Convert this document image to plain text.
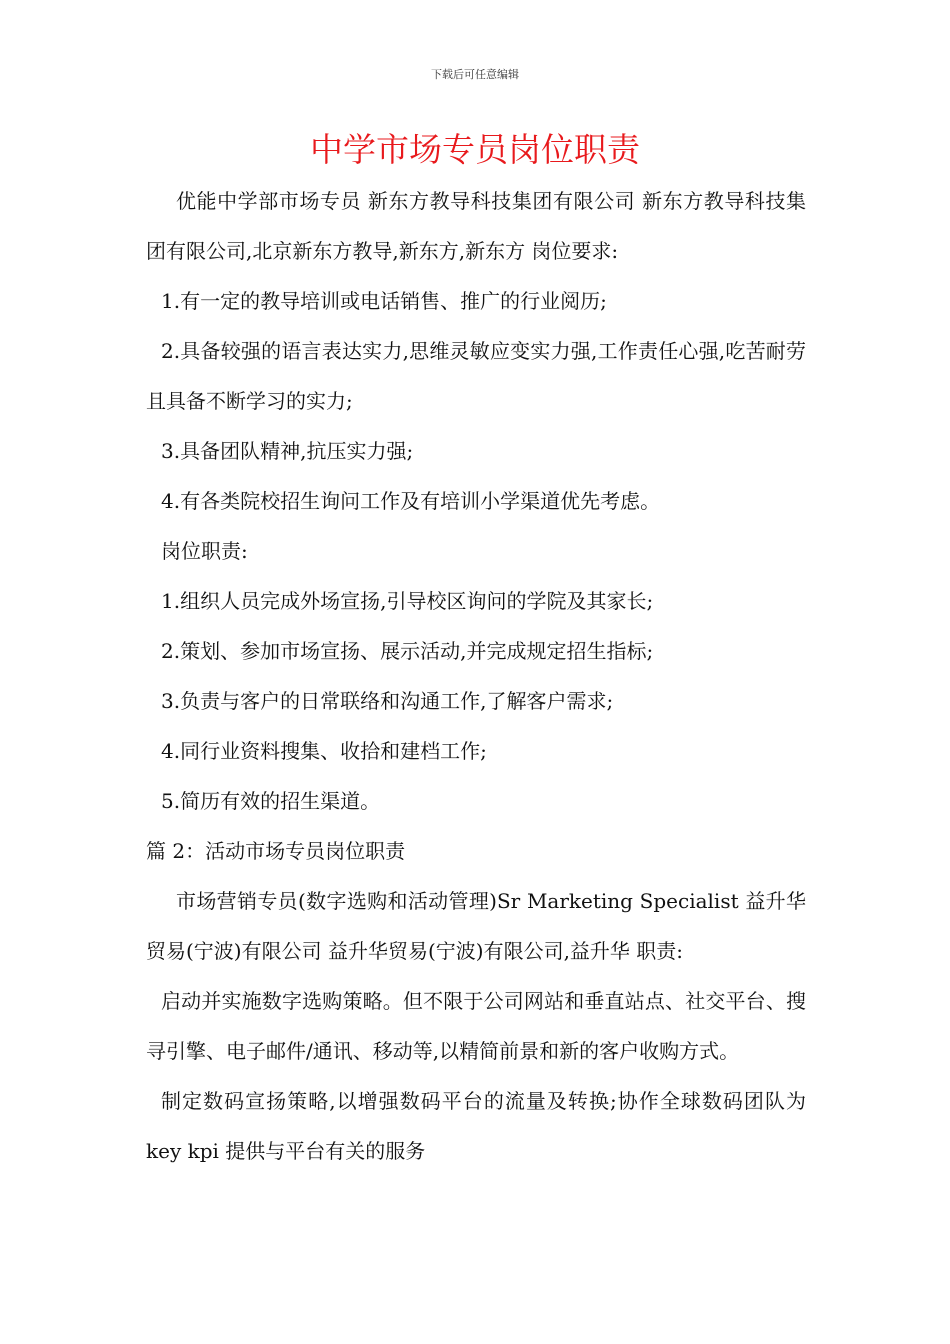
下载后可任意编辑
中学市场专员岗位职责

优能中学部市场专员 新东方教导科技集团有限公司 新东方教导科技集团有限公司,北京新东方教导,新东方,新东方 岗位要求:

1.有一定的教导培训或电话销售、推广的行业阅历;

2.具备较强的语言表达实力,思维灵敏应变实力强,工作责任心强,吃苦耐劳且具备不断学习的实力;

3.具备团队精神,抗压实力强;

4.有各类院校招生询问工作及有培训小学渠道优先考虑。

岗位职责:

1.组织人员完成外场宣扬,引导校区询问的学院及其家长;

2.策划、参加市场宣扬、展示活动,并完成规定招生指标;

3.负责与客户的日常联络和沟通工作,了解客户需求;

4.同行业资料搜集、收拾和建档工作;

5.简历有效的招生渠道。

篇 2：活动市场专员岗位职责

市场营销专员(数字选购和活动管理)Sr Marketing Specialist 益升华贸易(宁波)有限公司 益升华贸易(宁波)有限公司,益升华 职责:

启动并实施数字选购策略。但不限于公司网站和垂直站点、社交平台、搜寻引擎、电子邮件/通讯、移动等,以精简前景和新的客户收购方式。

制定数码宣扬策略,以增强数码平台的流量及转换;协作全球数码团队为 key kpi 提供与平台有关的服务
